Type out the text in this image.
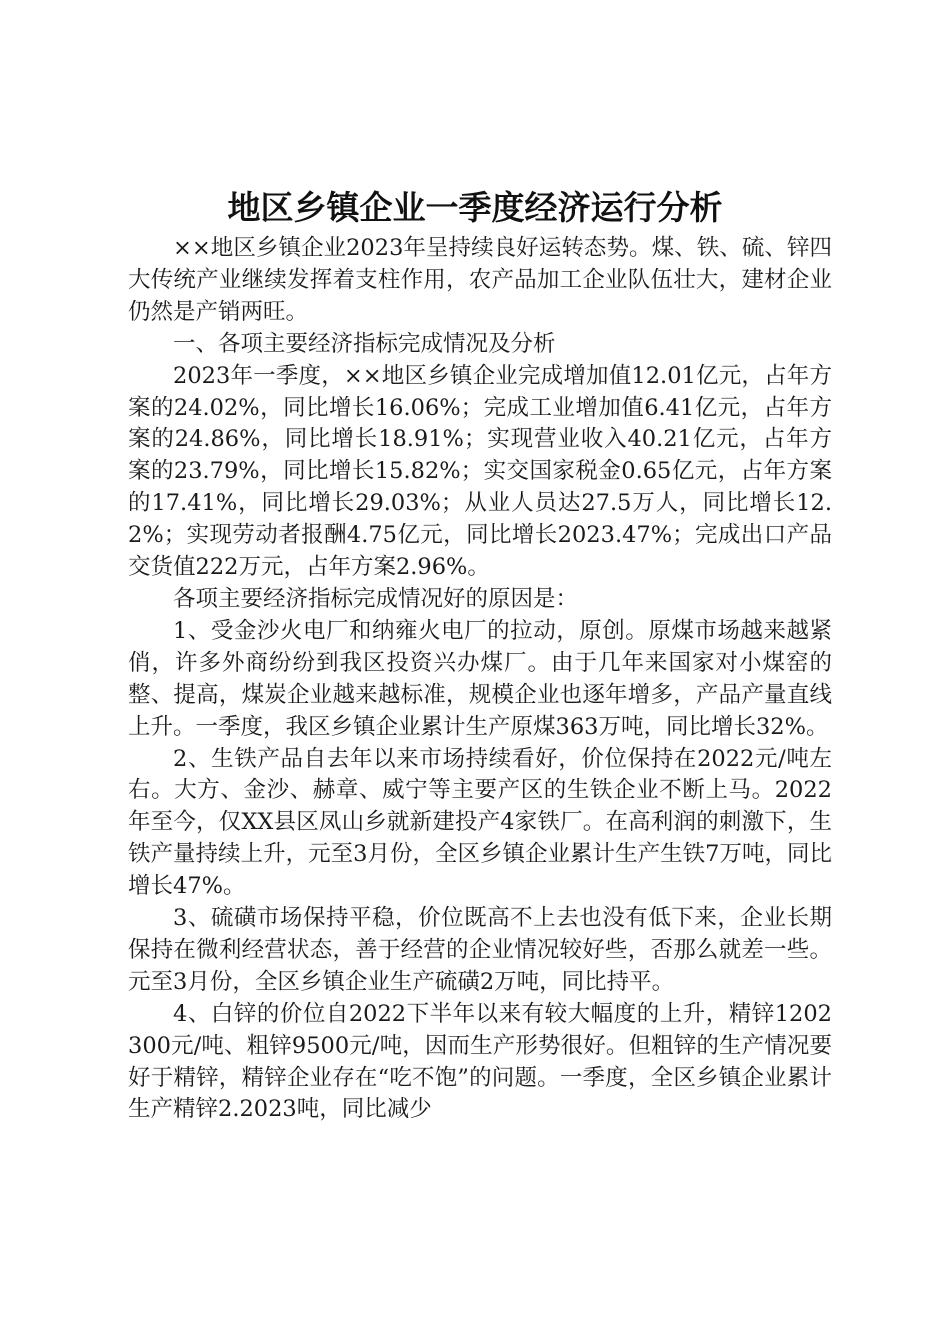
地区乡镇企业一季度经济运行分析

××地区乡镇企业2023年呈持续良好运转态势。煤、铁、硫、锌四大传统产业继续发挥着支柱作用，农产品加工企业队伍壮大，建材企业仍然是产销两旺。

一、各项主要经济指标完成情况及分析

2023年一季度，××地区乡镇企业完成增加值12.01亿元，占年方案的24.02%，同比增长16.06%；完成工业增加值6.41亿元，占年方案的24.86%，同比增长18.91%；实现营业收入40.21亿元，占年方案的23.79%，同比增长15.82%；实交国家税金0.65亿元，占年方案的17.41%，同比增长29.03%；从业人员达27.5万人，同比增长12.2%；实现劳动者报酬4.75亿元，同比增长2023.47%；完成出口产品交货值222万元，占年方案2.96%。

各项主要经济指标完成情况好的原因是：

1、受金沙火电厂和纳雍火电厂的拉动，原创。原煤市场越来越紧俏，许多外商纷纷到我区投资兴办煤厂。由于几年来国家对小煤窑的整、提高，煤炭企业越来越标准，规模企业也逐年增多，产品产量直线上升。一季度，我区乡镇企业累计生产原煤363万吨，同比增长32%。

2、生铁产品自去年以来市场持续看好，价位保持在2022元/吨左右。大方、金沙、赫章、威宁等主要产区的生铁企业不断上马。2022年至今，仅XX县区凤山乡就新建投产4家铁厂。在高利润的刺激下，生铁产量持续上升，元至3月份，全区乡镇企业累计生产生铁7万吨，同比增长47%。

3、硫磺市场保持平稳，价位既高不上去也没有低下来，企业长期保持在微利经营状态，善于经营的企业情况较好些，否那么就差一些。元至3月份，全区乡镇企业生产硫磺2万吨，同比持平。

4、白锌的价位自2022下半年以来有较大幅度的上升，精锌1202300元/吨、粗锌9500元/吨，因而生产形势很好。但粗锌的生产情况要好于精锌，精锌企业存在“吃不饱”的问题。一季度，全区乡镇企业累计生产精锌2.2023吨，同比减少
